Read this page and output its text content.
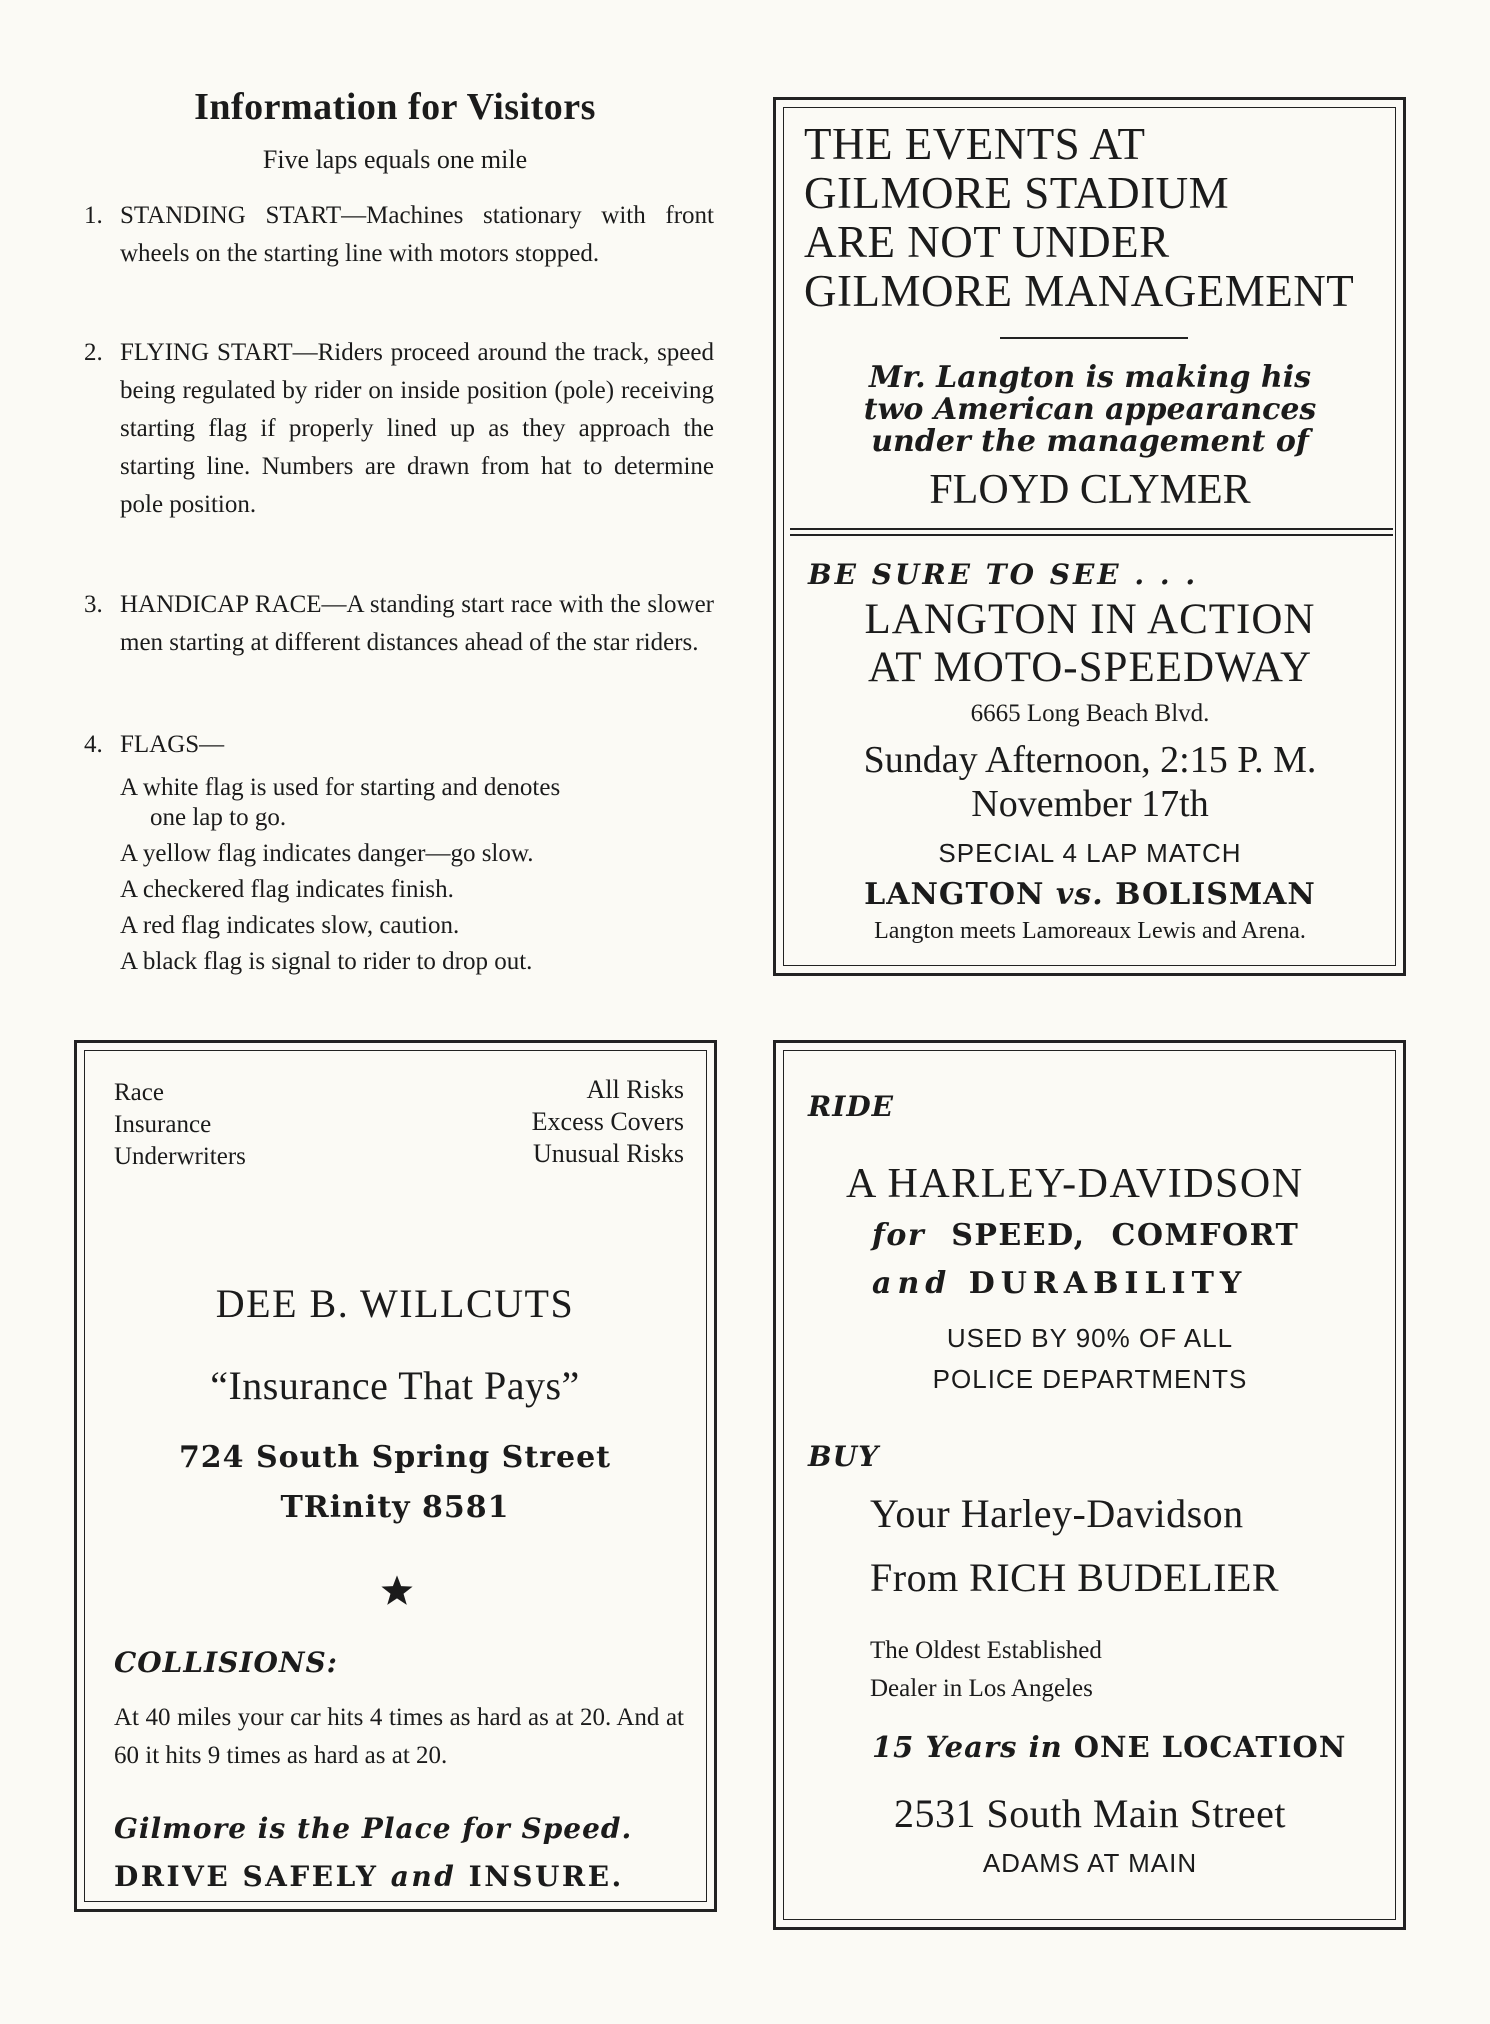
Information for Visitors
Five laps equals one mile
1. STANDING START—Machines stationary with front wheels on the starting line with motors stopped.
2. FLYING START—Riders proceed around the track, speed being regulated by rider on inside position (pole) receiving starting flag if properly lined up as they approach the starting line. Numbers are drawn from hat to determine pole position.
3. HANDICAP RACE—A standing start race with the slower men starting at different distances ahead of the star riders.
4. FLAGS—
A white flag is used for starting and denotes
one lap to go.
A yellow flag indicates danger—go slow.
A checkered flag indicates finish.
A red flag indicates slow, caution.
A black flag is signal to rider to drop out.
THE EVENTS AT
GILMORE STADIUM
ARE NOT UNDER
GILMORE MANAGEMENT
Mr. Langton is making his
two American appearances
under the management of
FLOYD CLYMER
BE SURE TO SEE . . .
LANGTON IN ACTION
AT MOTO-SPEEDWAY
6665 Long Beach Blvd.
Sunday Afternoon, 2:15 P. M.
November 17th
SPECIAL 4 LAP MATCH
LANGTON vs. BOLISMAN
Langton meets Lamoreaux Lewis and Arena.
Race
Insurance
Underwriters
All Risks
Excess Covers
Unusual Risks
DEE B. WILLCUTS
“Insurance That Pays”
724 South Spring Street
TRinity 8581
COLLISIONS:
At 40 miles your car hits 4 times as hard as at 20. And at 60 it hits 9 times as hard as at 20.
Gilmore is the Place for Speed.
DRIVE SAFELY and INSURE.
RIDE
A HARLEY-DAVIDSON
for SPEED, COMFORT
and DURABILITY
USED BY 90% OF ALL
POLICE DEPARTMENTS
BUY
Your Harley-Davidson
From RICH BUDELIER
The Oldest Established
Dealer in Los Angeles
15 Years in ONE LOCATION
2531 South Main Street
ADAMS AT MAIN
